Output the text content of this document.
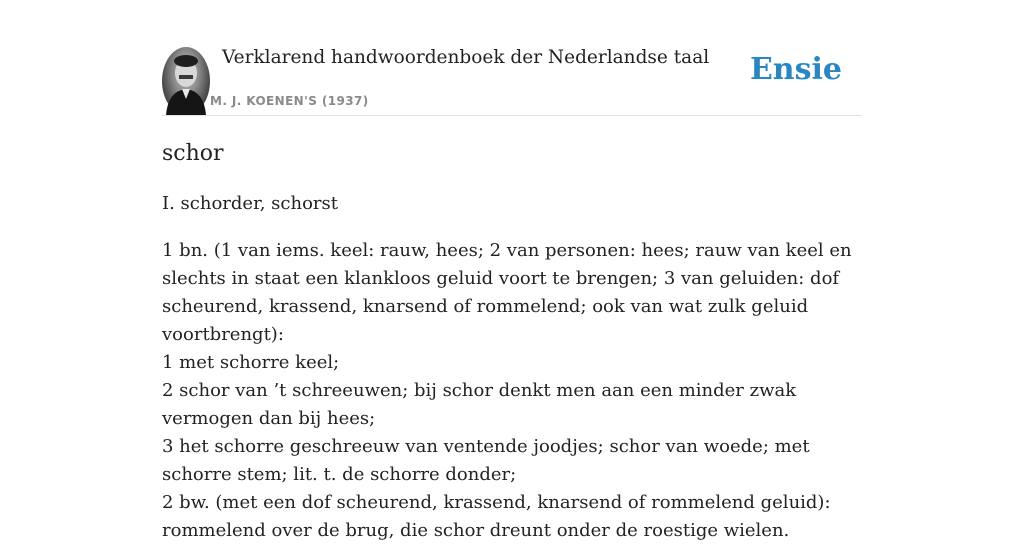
Verklarend handwoordenboek der Nederlandse taal
M. J. KOENEN'S (1937)
Ensie
schor
I. schorder, schorst

1 bn. (1 van iems. keel: rauw, hees; 2 van personen: hees; rauw van keel en slechts in staat een klankloos geluid voort te brengen; 3 van geluiden: dof scheurend, krassend, knarsend of rommelend; ook van wat zulk geluid voortbrengt):

1 met schorre keel;

2 schor van ’t schreeuwen; bij schor denkt men aan een minder zwak vermogen dan bij hees;

3 het schorre geschreeuw van ventende joodjes; schor van woede; met schorre stem; lit. t. de schorre donder;

2 bw. (met een dof scheurend, krassend, knarsend of rommelend geluid): rommelend over de brug, die schor dreunt onder de roestige wielen.
